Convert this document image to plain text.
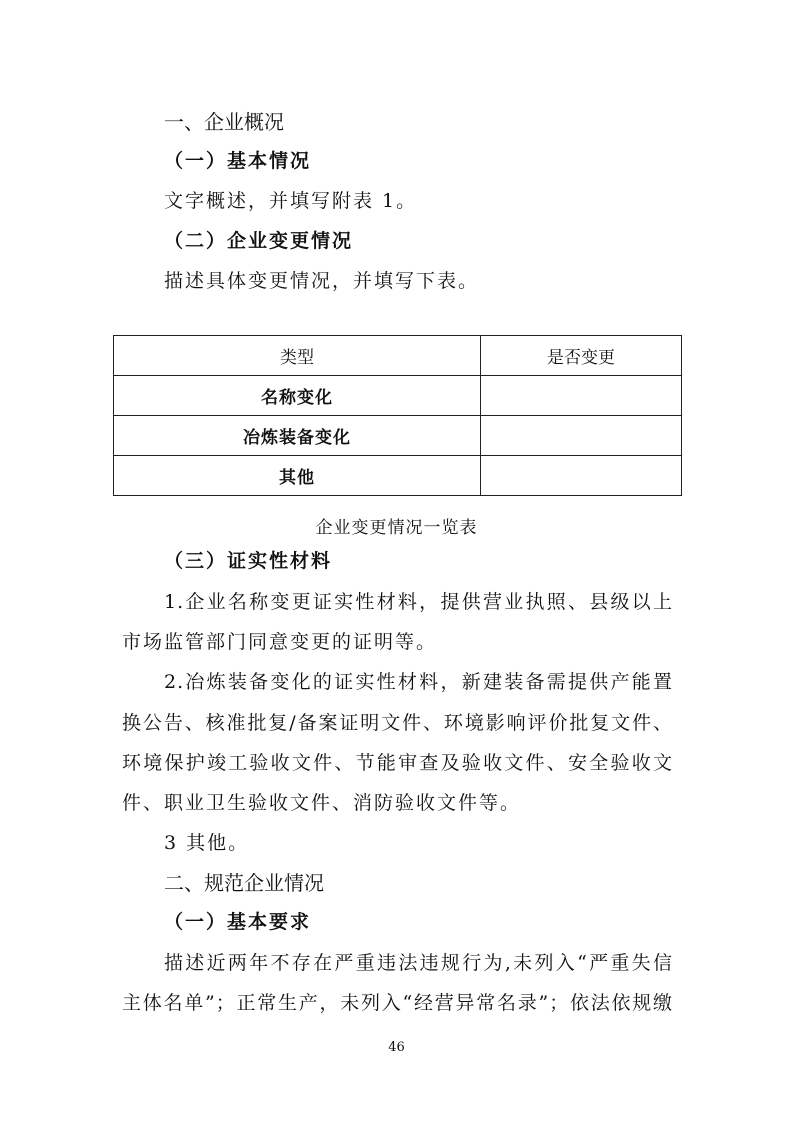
一、企业概况
（一）基本情况
文字概述，并填写附表 1。
（二）企业变更情况
描述具体变更情况，并填写下表。
类型	是否变更
名称变化	
冶炼装备变化	
其他	
企业变更情况一览表
（三）证实性材料
1.企业名称变更证实性材料，提供营业执照、县级以上
市场监管部门同意变更的证明等。
2.冶炼装备变化的证实性材料，新建装备需提供产能置
换公告、核准批复/备案证明文件、环境影响评价批复文件、
环境保护竣工验收文件、节能审查及验收文件、安全验收文
件、职业卫生验收文件、消防验收文件等。
3 其他。
二、规范企业情况
（一）基本要求
描述近两年不存在严重违法违规行为,未列入“严重失信
主体名单”；正常生产，未列入“经营异常名录”；依法依规缴
46
